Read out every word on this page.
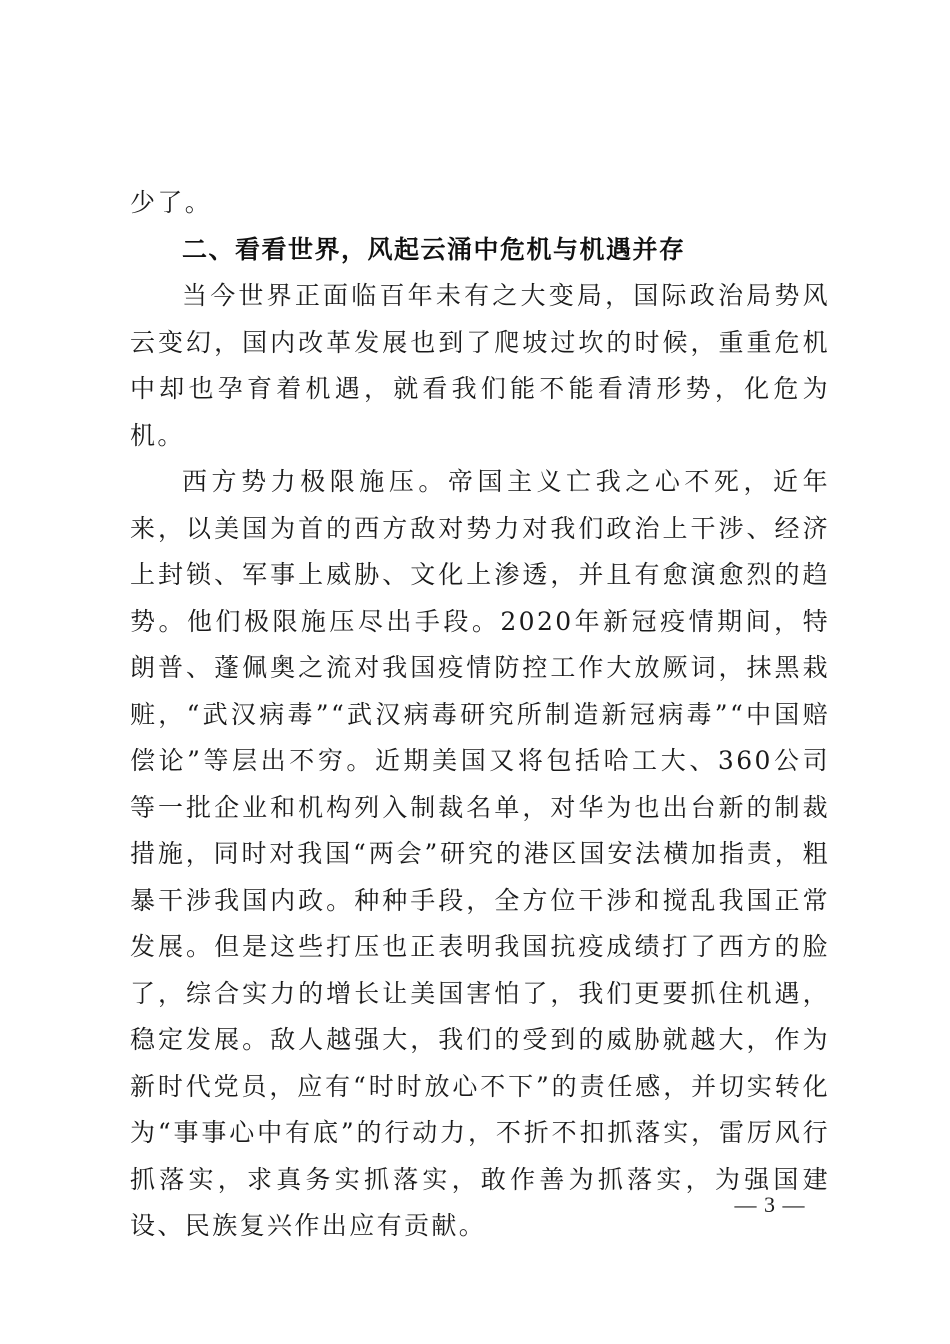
少了。

二、看看世界，风起云涌中危机与机遇并存

当今世界正面临百年未有之大变局，国际政治局势风云变幻，国内改革发展也到了爬坡过坎的时候，重重危机中却也孕育着机遇，就看我们能不能看清形势，化危为机。

西方势力极限施压。帝国主义亡我之心不死，近年来，以美国为首的西方敌对势力对我们政治上干涉、经济上封锁、军事上威胁、文化上渗透，并且有愈演愈烈的趋势。他们极限施压尽出手段。2020年新冠疫情期间，特朗普、蓬佩奥之流对我国疫情防控工作大放厥词，抹黑栽赃，“武汉病毒”“武汉病毒研究所制造新冠病毒”“中国赔偿论”等层出不穷。近期美国又将包括哈工大、360公司等一批企业和机构列入制裁名单，对华为也出台新的制裁措施，同时对我国“两会”研究的港区国安法横加指责，粗暴干涉我国内政。种种手段，全方位干涉和搅乱我国正常发展。但是这些打压也正表明我国抗疫成绩打了西方的脸了，综合实力的增长让美国害怕了，我们更要抓住机遇，稳定发展。敌人越强大，我们的受到的威胁就越大，作为新时代党员，应有“时时放心不下”的责任感，并切实转化为“事事心中有底”的行动力，不折不扣抓落实，雷厉风行抓落实，求真务实抓落实，敢作善为抓落实，为强国建设、民族复兴作出应有贡献。

— 3 —
